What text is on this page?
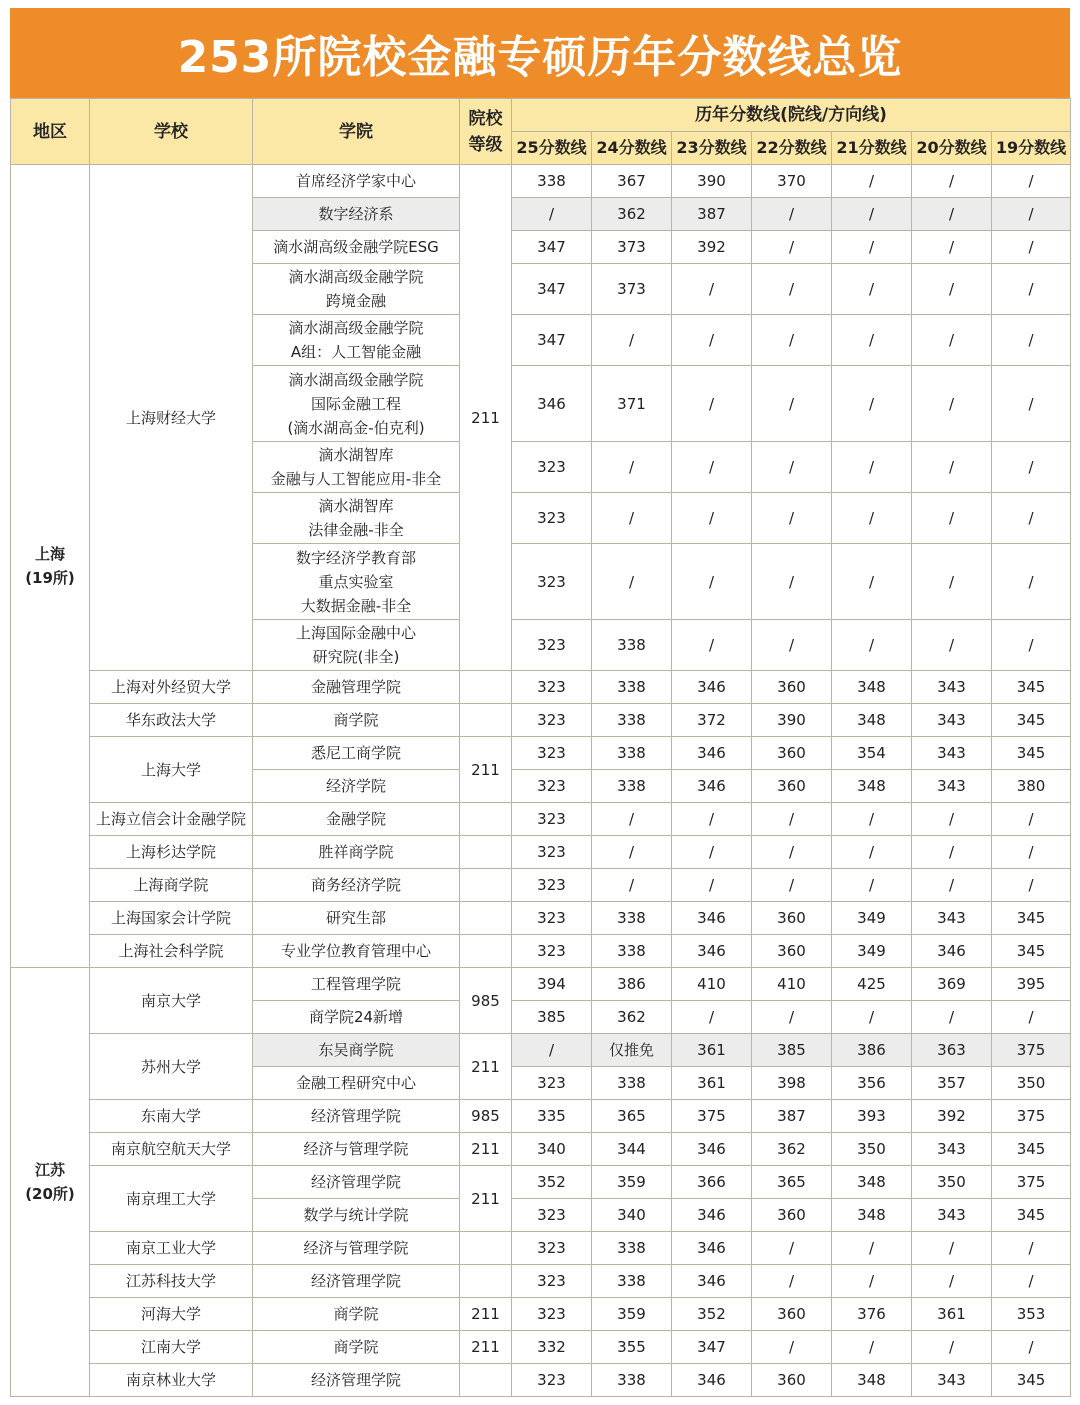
253所院校金融专硕历年分数线总览
地区	学校	学院	院校等级	历年分数线(院线/方向线)						
				25分数线	24分数线	23分数线	22分数线	21分数线	20分数线	19分数线

上海
(19所)	上海财经大学	首席经济学家中心	211	338	367	390	370	/	/	/

		数字经济系		/	362	387	/	/	/	/

		滴水湖高级金融学院ESG		347	373	392	/	/	/	/

		滴水湖高级金融学院
跨境金融		347	373	/	/	/	/	/

		滴水湖高级金融学院
A组：人工智能金融		347	/	/	/	/	/	/

		滴水湖高级金融学院
国际金融工程
(滴水湖高金-伯克利)		346	371	/	/	/	/	/

		滴水湖智库
金融与人工智能应用-非全		323	/	/	/	/	/	/

		滴水湖智库
法律金融-非全		323	/	/	/	/	/	/

		数字经济学教育部
重点实验室
大数据金融-非全		323	/	/	/	/	/	/

		上海国际金融中心
研究院(非全)		323	338	/	/	/	/	/
	上海对外经贸大学	金融管理学院		323	338	346	360	348	343	345
	华东政法大学	商学院		323	338	372	390	348	343	345
	上海大学	悉尼工商学院	211	323	338	346	360	354	343	345

		经济学院		323	338	346	360	348	343	380
	上海立信会计金融学院	金融学院		323	/	/	/	/	/	/
	上海杉达学院	胜祥商学院		323	/	/	/	/	/	/
	上海商学院	商务经济学院		323	/	/	/	/	/	/
	上海国家会计学院	研究生部		323	338	346	360	349	343	345
	上海社会科学院	专业学位教育管理中心		323	338	346	360	349	346	345

江苏
(20所)	南京大学	工程管理学院	985	394	386	410	410	425	369	395

		商学院24新增		385	362	/	/	/	/	/
	苏州大学	东吴商学院	211	/	仅推免	361	385	386	363	375

		金融工程研究中心		323	338	361	398	356	357	350
	东南大学	经济管理学院	985	335	365	375	387	393	392	375
	南京航空航天大学	经济与管理学院	211	340	344	346	362	350	343	345
	南京理工大学	经济管理学院	211	352	359	366	365	348	350	375

		数学与统计学院		323	340	346	360	348	343	345
	南京工业大学	经济与管理学院		323	338	346	/	/	/	/
	江苏科技大学	经济管理学院		323	338	346	/	/	/	/
	河海大学	商学院	211	323	359	352	360	376	361	353
	江南大学	商学院	211	332	355	347	/	/	/	/
	南京林业大学	经济管理学院		323	338	346	360	348	343	345
